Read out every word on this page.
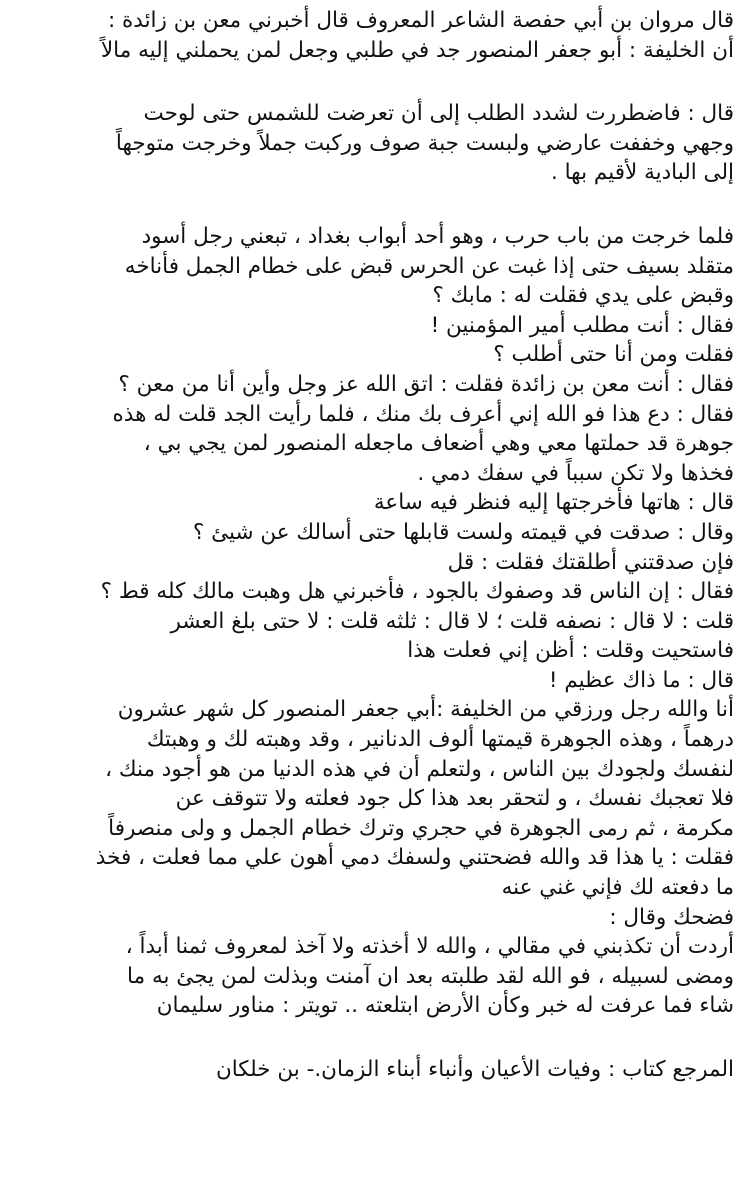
قال مروان بن أبي حفصة الشاعر المعروف قال أخبرني معن بن زائدة :
أن الخليفة : أبو جعفر المنصور جد في طلبي وجعل لمن يحملني إليه مالاً
قال : فاضطررت لشدد الطلب إلى أن تعرضت للشمس حتى لوحت
وجهي وخففت عارضي ولبست جبة صوف وركبت جملاً وخرجت متوجهاً
إلى البادية لأقيم بها .
فلما خرجت من باب حرب ، وهو أحد أبواب بغداد ، تبعني رجل أسود
متقلد بسيف حتى إذا غبت عن الحرس قبض على خطام الجمل فأناخه
وقبض على يدي فقلت له : مابك ؟
فقال : أنت مطلب أمير المؤمنين !
فقلت ومن أنا حتى أطلب ؟
فقال : أنت معن بن زائدة فقلت : اتق الله عز وجل وأين أنا من معن ؟
فقال : دع هذا فو الله إني أعرف بك منك ، فلما رأيت الجد قلت له هذه
جوهرة قد حملتها معي وهي أضعاف ماجعله المنصور لمن يجي بي ،
فخذها ولا تكن سبباً في سفك دمي .
قال : هاتها فأخرجتها إليه فنظر فيه ساعة
وقال : صدقت في قيمته ولست قابلها حتى أسالك عن شيئ ؟
فإن صدقتني أطلقتك فقلت : قل
فقال : إن الناس قد وصفوك بالجود ، فأخبرني هل وهبت مالك كله قط ؟
قلت : لا قال : نصفه قلت ؛ لا قال : ثلثه قلت : لا حتى بلغ العشر
فاستحيت وقلت : أظن إني فعلت هذا
قال : ما ذاك عظيم !
أنا والله رجل ورزقي من الخليفة :أبي جعفر المنصور كل شهر عشرون
درهماً ، وهذه الجوهرة قيمتها ألوف الدنانير ، وقد وهبته لك و وهبتك
لنفسك ولجودك بين الناس ، ولتعلم أن في هذه الدنيا من هو أجود منك ،
فلا تعجبك نفسك ، و لتحقر بعد هذا كل جود فعلته ولا تتوقف عن
مكرمة ، ثم رمى الجوهرة في حجري وترك خطام الجمل و ولى منصرفاً
فقلت : يا هذا قد والله فضحتني ولسفك دمي أهون علي مما فعلت ، فخذ
ما دفعته لك فإني غني عنه
فضحك وقال :
أردت أن تكذبني في مقالي ، والله لا أخذته ولا آخذ لمعروف ثمنا أبداً ،
ومضى لسبيله ، فو الله لقد طلبته بعد ان آمنت وبذلت لمن يجئ به ما
شاء فما عرفت له خبر وكأن الأرض ابتلعته .. تويتر : مناور سليمان
المرجع كتاب : وفيات الأعيان وأنباء أبناء الزمان.- بن خلكان
